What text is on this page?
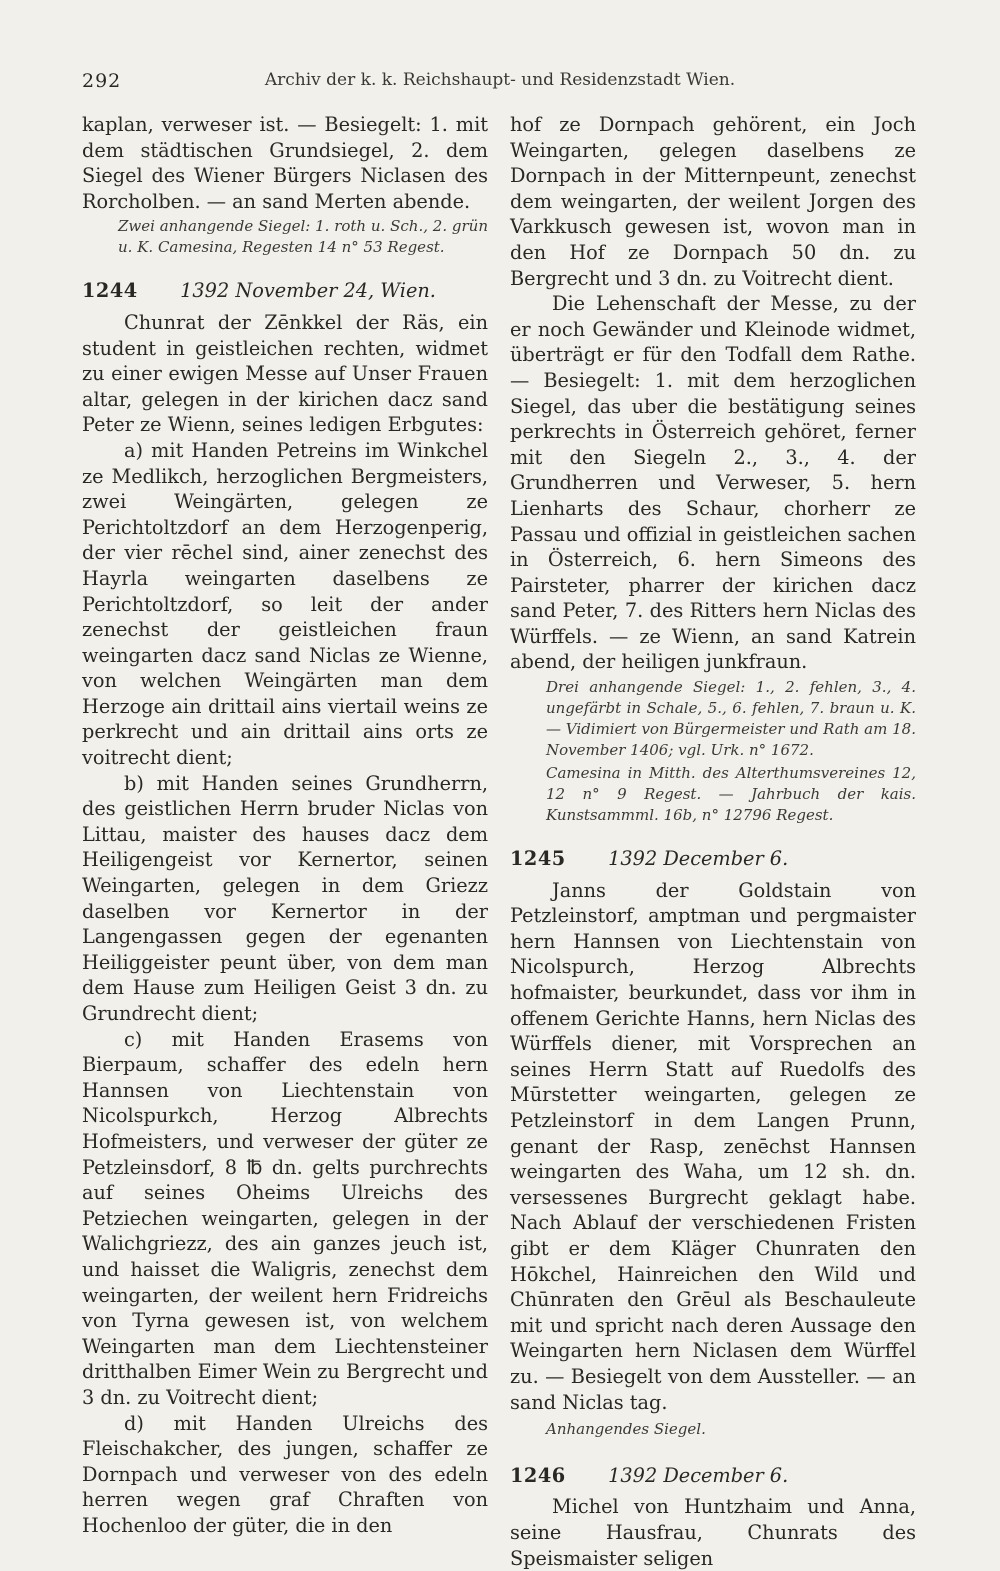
292	Archiv der k. k. Reichshaupt- und Residenzstadt Wien.

kaplan, verweser ist. — Besiegelt: 1. mit dem städtischen Grundsiegel, 2. dem Siegel des Wiener Bürgers Niclasen des Rorcholben. — an sand Merten abende.

Zwei anhangende Siegel: 1. roth u. Sch., 2. grün u. K. Camesina, Regesten 14 n° 53 Regest.
1244 1392 November 24, Wien.

Chunrat der Zēnkkel der Räs, ein student in geistleichen rechten, widmet zu einer ewigen Messe auf Unser Frauen altar, gelegen in der kirichen dacz sand Peter ze Wienn, seines ledigen Erbgutes:

a) mit Handen Petreins im Winkchel ze Medlikch, herzoglichen Bergmeisters, zwei Weingärten, gelegen ze Perichtoltzdorf an dem Herzogenperig, der vier rēchel sind, ainer zenechst des Hayrla weingarten daselbens ze Perichtoltzdorf, so leit der ander zenechst der geistleichen fraun weingarten dacz sand Niclas ze Wienne, von welchen Weingärten man dem Herzoge ain drittail ains viertail weins ze perkrecht und ain drittail ains orts ze voitrecht dient;

b) mit Handen seines Grundherrn, des geistlichen Herrn bruder Niclas von Littau, maister des hauses dacz dem Heiligengeist vor Kernertor, seinen Weingarten, gelegen in dem Griezz daselben vor Kernertor in der Langengassen gegen der egenanten Heiliggeister peunt über, von dem man dem Hause zum Heiligen Geist 3 dn. zu Grundrecht dient;

c) mit Handen Erasems von Bierpaum, schaffer des edeln hern Hannsen von Liechtenstain von Nicolspurkch, Herzog Albrechts Hofmeisters, und verweser der güter ze Petzleinsdorf, 8 ℔ dn. gelts purchrechts auf seines Oheims Ulreichs des Petziechen weingarten, gelegen in der Walichgriezz, des ain ganzes jeuch ist, und haisset die Waligris, zenechst dem weingarten, der weilent hern Fridreichs von Tyrna gewesen ist, von welchem Weingarten man dem Liechtensteiner dritthalben Eimer Wein zu Bergrecht und 3 dn. zu Voitrecht dient;

d) mit Handen Ulreichs des Fleischakcher, des jungen, schaffer ze Dornpach und verweser von des edeln herren wegen graf Chraften von Hochenloo der güter, die in den

hof ze Dornpach gehörent, ein Joch Weingarten, gelegen daselbens ze Dornpach in der Mitternpeunt, zenechst dem weingarten, der weilent Jorgen des Varkkusch gewesen ist, wovon man in den Hof ze Dornpach 50 dn. zu Bergrecht und 3 dn. zu Voitrecht dient.

Die Lehenschaft der Messe, zu der er noch Gewänder und Kleinode widmet, überträgt er für den Todfall dem Rathe. — Besiegelt: 1. mit dem herzoglichen Siegel, das uber die bestätigung seines perkrechts in Österreich gehöret, ferner mit den Siegeln 2., 3., 4. der Grundherren und Verweser, 5. hern Lienharts des Schaur, chorherr ze Passau und offizial in geistleichen sachen in Österreich, 6. hern Simeons des Pairsteter, pharrer der kirichen dacz sand Peter, 7. des Ritters hern Niclas des Würffels. — ze Wienn, an sand Katrein abend, der heiligen junkfraun.

Drei anhangende Siegel: 1., 2. fehlen, 3., 4. ungefärbt in Schale, 5., 6. fehlen, 7. braun u. K. — Vidimiert von Bürgermeister und Rath am 18. November 1406; vgl. Urk. n° 1672.
Camesina in Mitth. des Alterthumsvereines 12, 12 n° 9 Regest. — Jahrbuch der kais. Kunstsammml. 16b, n° 12796 Regest.
1245 1392 December 6.

Janns der Goldstain von Petzleinstorf, amptman und pergmaister hern Hannsen von Liechtenstain von Nicolspurch, Herzog Albrechts hofmaister, beurkundet, dass vor ihm in offenem Gerichte Hanns, hern Niclas des Würffels diener, mit Vorsprechen an seines Herrn Statt auf Ruedolfs des Mūrstetter weingarten, gelegen ze Petzleinstorf in dem Langen Prunn, genant der Rasp, zenēchst Hannsen weingarten des Waha, um 12 sh. dn. versessenes Burgrecht geklagt habe. Nach Ablauf der verschiedenen Fristen gibt er dem Kläger Chunraten den Hōkchel, Hainreichen den Wild und Chūnraten den Grēul als Beschauleute mit und spricht nach deren Aussage den Weingarten hern Niclasen dem Würffel zu. — Besiegelt von dem Aussteller. — an sand Niclas tag.

Anhangendes Siegel.
1246 1392 December 6.

Michel von Huntzhaim und Anna, seine Hausfrau, Chunrats des Speismaister seligen
